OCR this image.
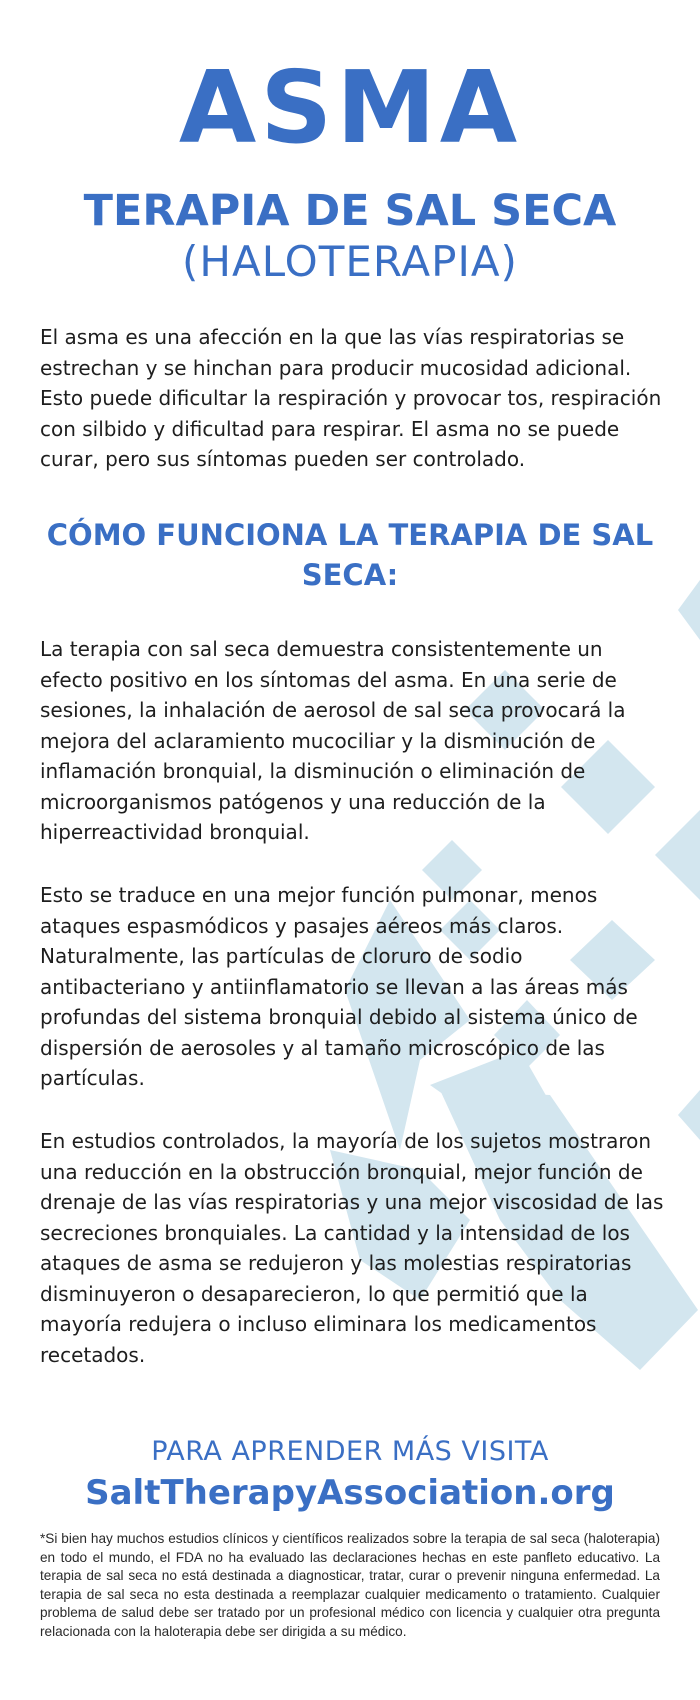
ASMA
TERAPIA DE SAL SECA
(HALOTERAPIA)

El asma es una afección en la que las vías respiratorias se estrechan y se hinchan para producir mucosidad adicional. Esto puede dificultar la respiración y provocar tos, respiración con silbido y dificultad para respirar. El asma no se puede curar, pero sus síntomas pueden ser controlado.

CÓMO FUNCIONA LA TERAPIA DE SAL SECA:

La terapia con sal seca demuestra consistentemente un efecto positivo en los síntomas del asma. En una serie de sesiones, la inhalación de aerosol de sal seca provocará la mejora del aclaramiento mucociliar y la disminución de inflamación bronquial, la disminución o eliminación de microorganismos patógenos y una reducción de la hiperreactividad bronquial.

Esto se traduce en una mejor función pulmonar, menos ataques espasmódicos y pasajes aéreos más claros. Naturalmente, las partículas de cloruro de sodio antibacteriano y antiinflamatorio se llevan a las áreas más profundas del sistema bronquial debido al sistema único de dispersión de aerosoles y al tamaño microscópico de las partículas.

En estudios controlados, la mayoría de los sujetos mostraron una reducción en la obstrucción bronquial, mejor función de drenaje de las vías respiratorias y una mejor viscosidad de las secreciones bronquiales. La cantidad y la intensidad de los ataques de asma se redujeron y las molestias respiratorias disminuyeron o desaparecieron, lo que permitió que la mayoría redujera o incluso eliminara los medicamentos recetados.

PARA APRENDER MÁS VISITA
SaltTherapyAssociation.org

*Si bien hay muchos estudios clínicos y científicos realizados sobre la terapia de sal seca (haloterapia) en todo el mundo, el FDA no ha evaluado las declaraciones hechas en este panfleto educativo. La terapia de sal seca no está destinada a diagnosticar, tratar, curar o prevenir ninguna enfermedad. La terapia de sal seca no esta destinada a reemplazar cualquier medicamento o tratamiento. Cualquier problema de salud debe ser tratado por un profesional médico con licencia y cualquier otra pregunta relacionada con la haloterapia debe ser dirigida a su médico.
